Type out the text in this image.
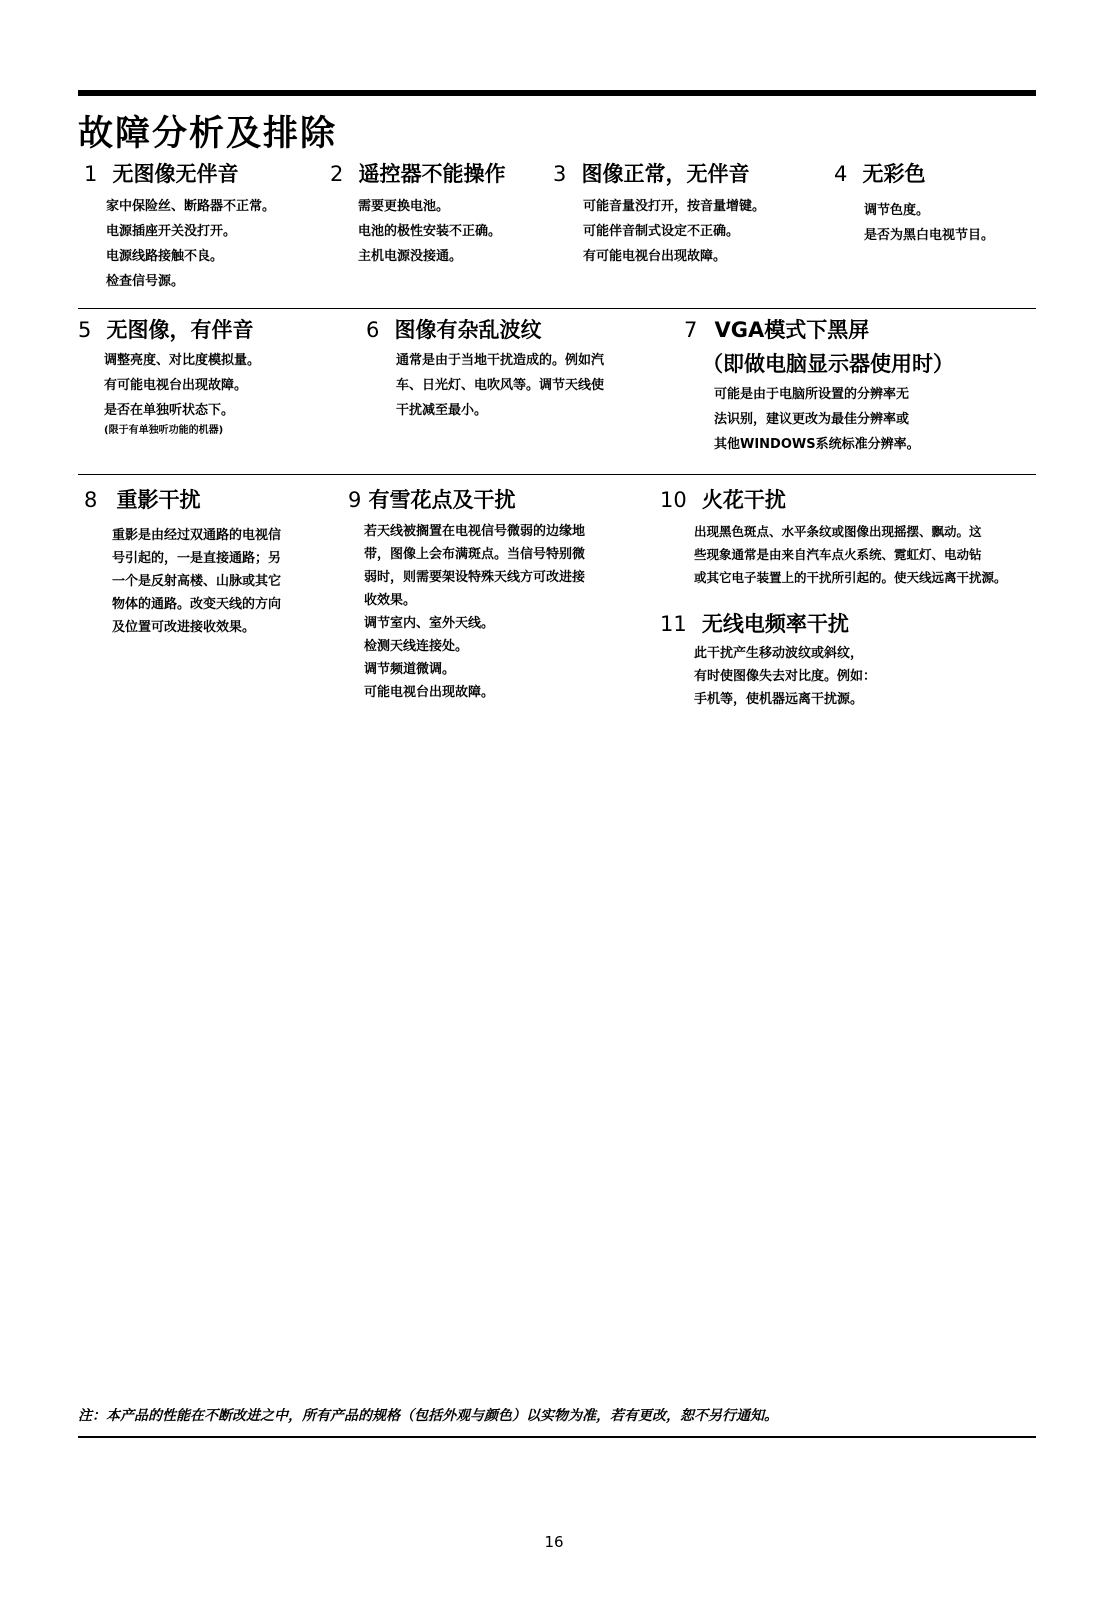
故障分析及排除
1 无图像无伴音
家中保险丝、断路器不正常。
电源插座开关没打开。
电源线路接触不良。
检查信号源。
2 遥控器不能操作
需要更换电池。
电池的极性安装不正确。
主机电源没接通。
3 图像正常，无伴音
可能音量没打开，按音量增键。
可能伴音制式设定不正确。
有可能电视台出现故障。
4 无彩色
调节色度。
是否为黑白电视节目。
5 无图像，有伴音
调整亮度、对比度模拟量。
有可能电视台出现故障。
是否在单独听状态下。
(限于有单独听功能的机器)
6 图像有杂乱波纹
通常是由于当地干扰造成的。例如汽
车、日光灯、电吹风等。调节天线使
干扰减至最小。
7 VGA模式下黑屏
（即做电脑显示器使用时）
可能是由于电脑所设置的分辨率无
法识别，建议更改为最佳分辨率或
其他WINDOWS系统标准分辨率。
8 重影干扰
重影是由经过双通路的电视信
号引起的，一是直接通路；另
一个是反射高楼、山脉或其它
物体的通路。改变天线的方向
及位置可改进接收效果。
9 有雪花点及干扰
若天线被搁置在电视信号微弱的边缘地
带，图像上会布满斑点。当信号特别微
弱时，则需要架设特殊天线方可改进接
收效果。
调节室内、室外天线。
检测天线连接处。
调节频道微调。
可能电视台出现故障。
10 火花干扰
出现黑色斑点、水平条纹或图像出现摇摆、飘动。这
些现象通常是由来自汽车点火系统、霓虹灯、电动钻
或其它电子装置上的干扰所引起的。使天线远离干扰源。
11 无线电频率干扰
此干扰产生移动波纹或斜纹，
有时使图像失去对比度。例如：
手机等，使机器远离干扰源。
注：本产品的性能在不断改进之中，所有产品的规格（包括外观与颜色）以实物为准，若有更改，恕不另行通知。
16
